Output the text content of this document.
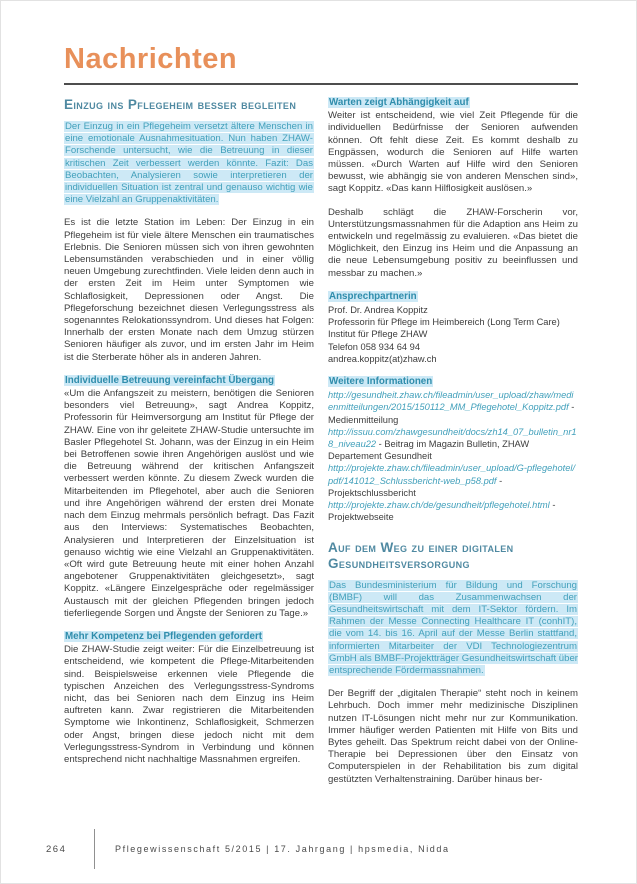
Nachrichten
Einzug ins Pflegeheim besser begleiten

Der Einzug in ein Pflegeheim versetzt ältere Menschen in eine emotionale Ausnahmesituation. Nun haben ZHAW-Forschende untersucht, wie die Betreuung in dieser kritischen Zeit verbessert werden könnte. Fazit: Das Beobachten, Analysieren sowie interpretieren der individuellen Situation ist zentral und genauso wichtig wie eine Vielzahl an Gruppenaktivitäten.

Es ist die letzte Station im Leben: Der Einzug in ein Pflegeheim ist für viele ältere Menschen ein traumatisches Erlebnis. Die Senioren müssen sich von ihren gewohnten Lebensumständen verabschieden und in einer völlig neuen Umgebung zurechtfinden. Viele leiden denn auch in der ersten Zeit im Heim unter Symptomen wie Schlaflosigkeit, Depressionen oder Angst. Die Pflegeforschung bezeichnet diesen Verlegungsstress als sogenanntes Relokationssyndrom. Und dieses hat Folgen: Innerhalb der ersten Monate nach dem Umzug stürzen Senioren häufiger als zuvor, und im ersten Jahr im Heim ist die Sterberate höher als in anderen Jahren.

Individuelle Betreuung vereinfacht Übergang

«Um die Anfangszeit zu meistern, benötigen die Senioren besonders viel Betreuung», sagt Andrea Koppitz, Professorin für Heimversorgung am Institut für Pflege der ZHAW. Eine von ihr geleitete ZHAW-Studie untersuchte im Basler Pflegehotel St. Johann, was der Einzug in ein Heim bei Betroffenen sowie ihren Angehörigen auslöst und wie die Betreuung während der kritischen Anfangszeit verbessert werden könnte. Zu diesem Zweck wurden die Mitarbeitenden im Pflegehotel, aber auch die Senioren und ihre Angehörigen während der ersten drei Monate nach dem Einzug mehrmals persönlich befragt. Das Fazit aus den Interviews: Systematisches Beobachten, Analysieren und Interpretieren der Einzelsituation ist genauso wichtig wie eine Vielzahl an Gruppenaktivitäten. «Oft wird gute Betreuung heute mit einer hohen Anzahl angebotener Gruppenaktivitäten gleichgesetzt», sagt Koppitz. «Längere Einzelgespräche oder regelmässiger Austausch mit der gleichen Pflegenden bringen jedoch tieferliegende Sorgen und Ängste der Senioren zu Tage.»

Mehr Kompetenz bei Pflegenden gefordert

Die ZHAW-Studie zeigt weiter: Für die Einzelbetreuung ist entscheidend, wie kompetent die Pflege-Mitarbeitenden sind. Beispielsweise erkennen viele Pflegende die typischen Anzeichen des Verlegungsstress-Syndroms nicht, das bei Senioren nach dem Einzug ins Heim auftreten kann. Zwar registrieren die Mitarbeitenden Symptome wie Inkontinenz, Schlaflosigkeit, Schmerzen oder Angst, bringen diese jedoch nicht mit dem Verlegungsstress-Syndrom in Verbindung und können entsprechend nicht nachhaltige Massnahmen ergreifen.

Warten zeigt Abhängigkeit auf

Weiter ist entscheidend, wie viel Zeit Pflegende für die individuellen Bedürfnisse der Senioren aufwenden können. Oft fehlt diese Zeit. Es kommt deshalb zu Engpässen, wodurch die Senioren auf Hilfe warten müssen. «Durch Warten auf Hilfe wird den Senioren bewusst, wie abhängig sie von anderen Menschen sind», sagt Koppitz. «Das kann Hilflosigkeit auslösen.»

Deshalb schlägt die ZHAW-Forscherin vor, Unterstützungsmassnahmen für die Adaption ans Heim zu entwickeln und regelmässig zu evaluieren. «Das bietet die Möglichkeit, den Einzug ins Heim und die Anpassung an die neue Lebensumgebung positiv zu beeinflussen und messbar zu machen.»

Ansprechpartnerin

Prof. Dr. Andrea Koppitz

Professorin für Pflege im Heimbereich (Long Term Care)

Institut für Pflege ZHAW

Telefon 058 934 64 94

andrea.koppitz(at)zhaw.ch

Weitere Informationen

http://gesundheit.zhaw.ch/fileadmin/user_upload/zhaw/medienmitteilungen/2015/150112_MM_Pflegehotel_Koppitz.pdf - Medienmitteilung

http://issuu.com/zhawgesundheit/docs/zh14_07_bulletin_nr18_niveau22 - Beitrag im Magazin Bulletin, ZHAW Departement Gesundheit

http://projekte.zhaw.ch/fileadmin/user_upload/G-pflegehotel/pdf/141012_Schlussbericht-web_p58.pdf - Projektschlussbericht

http://projekte.zhaw.ch/de/gesundheit/pflegehotel.html - Projektwebseite

Auf dem Weg zu einer digitalen Gesundheitsversorgung

Das Bundesministerium für Bildung und Forschung (BMBF) will das Zusammenwachsen der Gesundheitswirtschaft mit dem IT-Sektor fördern. Im Rahmen der Messe Connecting Healthcare IT (conhIT), die vom 14. bis 16. April auf der Messe Berlin stattfand, informierten Mitarbeiter der VDI Technologiezentrum GmbH als BMBF-Projektträger Gesundheitswirtschaft über entsprechende Fördermassnahmen.

Der Begriff der „digitalen Therapie“ steht noch in keinem Lehrbuch. Doch immer mehr medizinische Disziplinen nutzen IT-Lösungen nicht mehr nur zur Kommunikation. Immer häufiger werden Patienten mit Hilfe von Bits und Bytes geheilt. Das Spektrum reicht dabei von der Online-Therapie bei Depressionen über den Einsatz von Computerspielen in der Rehabilitation bis zum digital gestützten Verhaltenstraining. Darüber hinaus ber-

264	Pflegewissenschaft 5/2015 | 17. Jahrgang | hpsmedia, Nidda
